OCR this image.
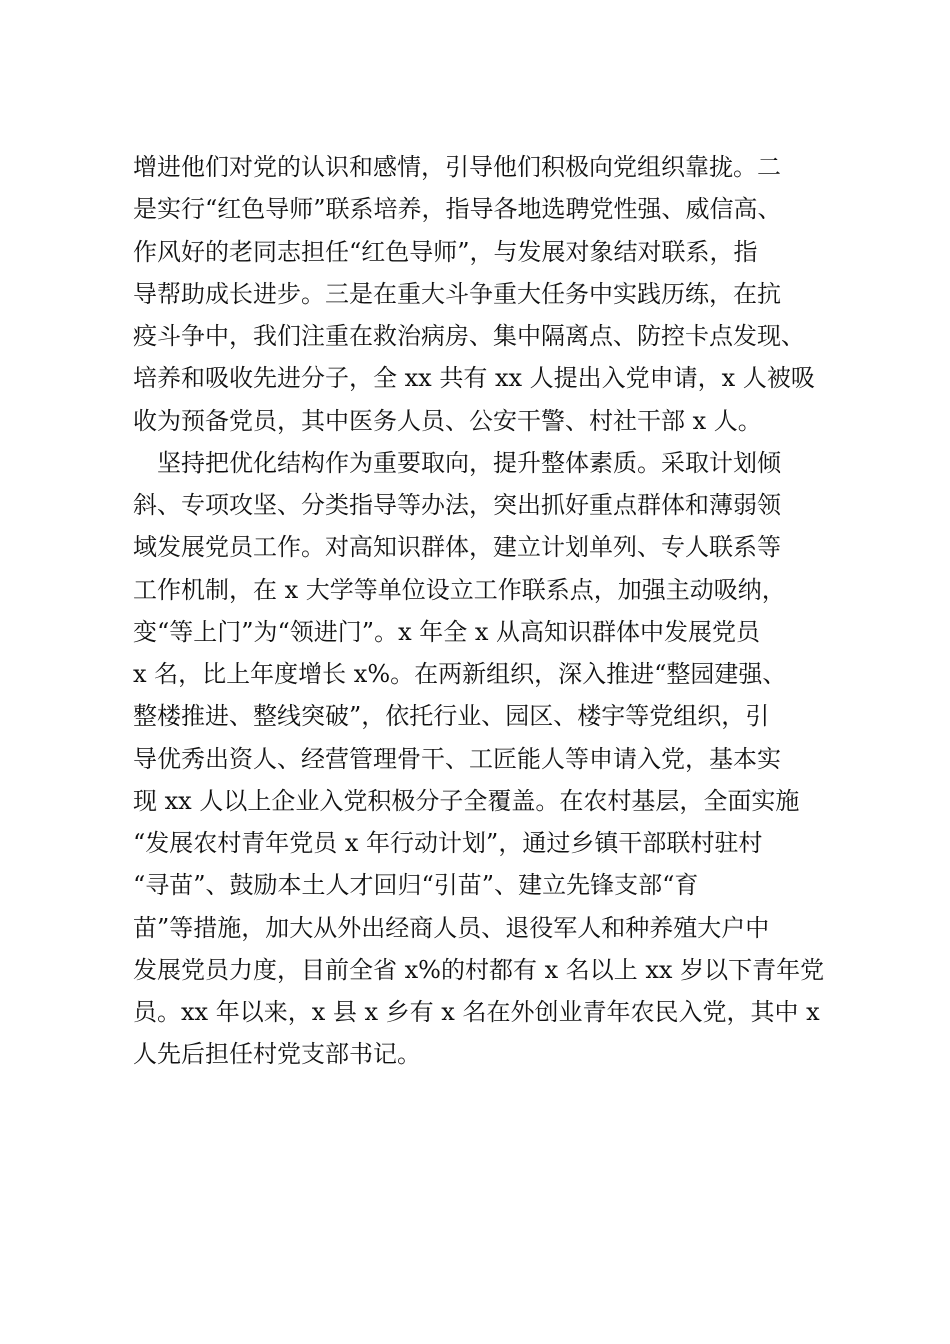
增进他们对党的认识和感情，引导他们积极向党组织靠拢。二
是实行“红色导师”联系培养，指导各地选聘党性强、威信高、
作风好的老同志担任“红色导师”，与发展对象结对联系，指
导帮助成长进步。三是在重大斗争重大任务中实践历练，在抗
疫斗争中，我们注重在救治病房、集中隔离点、防控卡点发现、
培养和吸收先进分子，全 xx 共有 xx 人提出入党申请，x 人被吸
收为预备党员，其中医务人员、公安干警、村社干部 x 人。
　坚持把优化结构作为重要取向，提升整体素质。采取计划倾
斜、专项攻坚、分类指导等办法，突出抓好重点群体和薄弱领
域发展党员工作。对高知识群体，建立计划单列、专人联系等
工作机制，在 x 大学等单位设立工作联系点，加强主动吸纳，
变“等上门”为“领进门”。x 年全 x 从高知识群体中发展党员
x 名，比上年度增长 x%。在两新组织，深入推进“整园建强、
整楼推进、整线突破”，依托行业、园区、楼宇等党组织，引
导优秀出资人、经营管理骨干、工匠能人等申请入党，基本实
现 xx 人以上企业入党积极分子全覆盖。在农村基层，全面实施
“发展农村青年党员 x 年行动计划”，通过乡镇干部联村驻村
“寻苗”、鼓励本土人才回归“引苗”、建立先锋支部“育
苗”等措施，加大从外出经商人员、退役军人和种养殖大户中
发展党员力度，目前全省 x%的村都有 x 名以上 xx 岁以下青年党
员。xx 年以来，x 县 x 乡有 x 名在外创业青年农民入党，其中 x
人先后担任村党支部书记。
